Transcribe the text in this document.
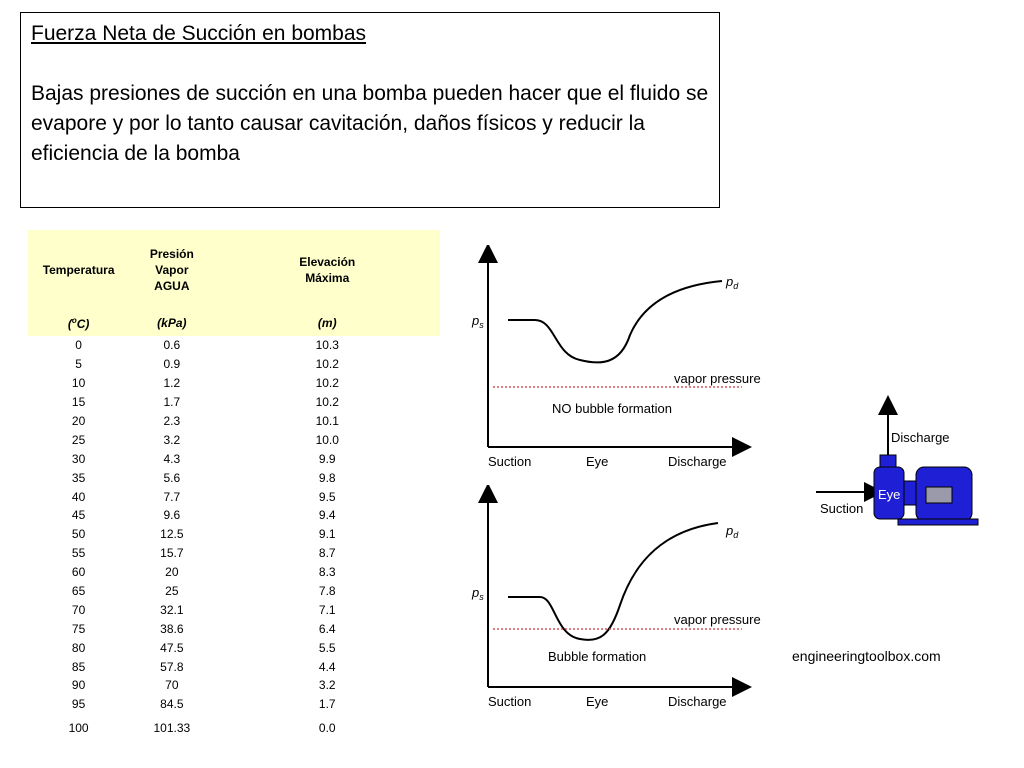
Fuerza Neta de Succión en bombas
Bajas presiones de succión en una bomba pueden hacer que el fluido se evapore y por lo tanto causar cavitación, daños físicos y reducir la eficiencia de la bomba
Temperatura	Presión Vapor AGUA	Elevación Máxima
($^o$C)	(kPa)	(m)
0	0.6	10.3
5	0.9	10.2
10	1.2	10.2
15	1.7	10.2
20	2.3	10.1
25	3.2	10.0
30	4.3	9.9
35	5.6	9.8
40	7.7	9.5
45	9.6	9.4
50	12.5	9.1
55	15.7	8.7
60	20	8.3
65	25	7.8
70	32.1	7.1
75	38.6	6.4
80	47.5	5.5
85	57.8	4.4
90	70	3.2
95	84.5	1.7
100	101.33	0.0
$p_s$
$p_d$
vapor pressure
NO bubble formation
Suction	Eye	Discharge
$p_s$
$p_d$
vapor pressure
Bubble formation
Suction	Eye	Discharge
Discharge
Suction
Eye
engineeringtoolbox.com
